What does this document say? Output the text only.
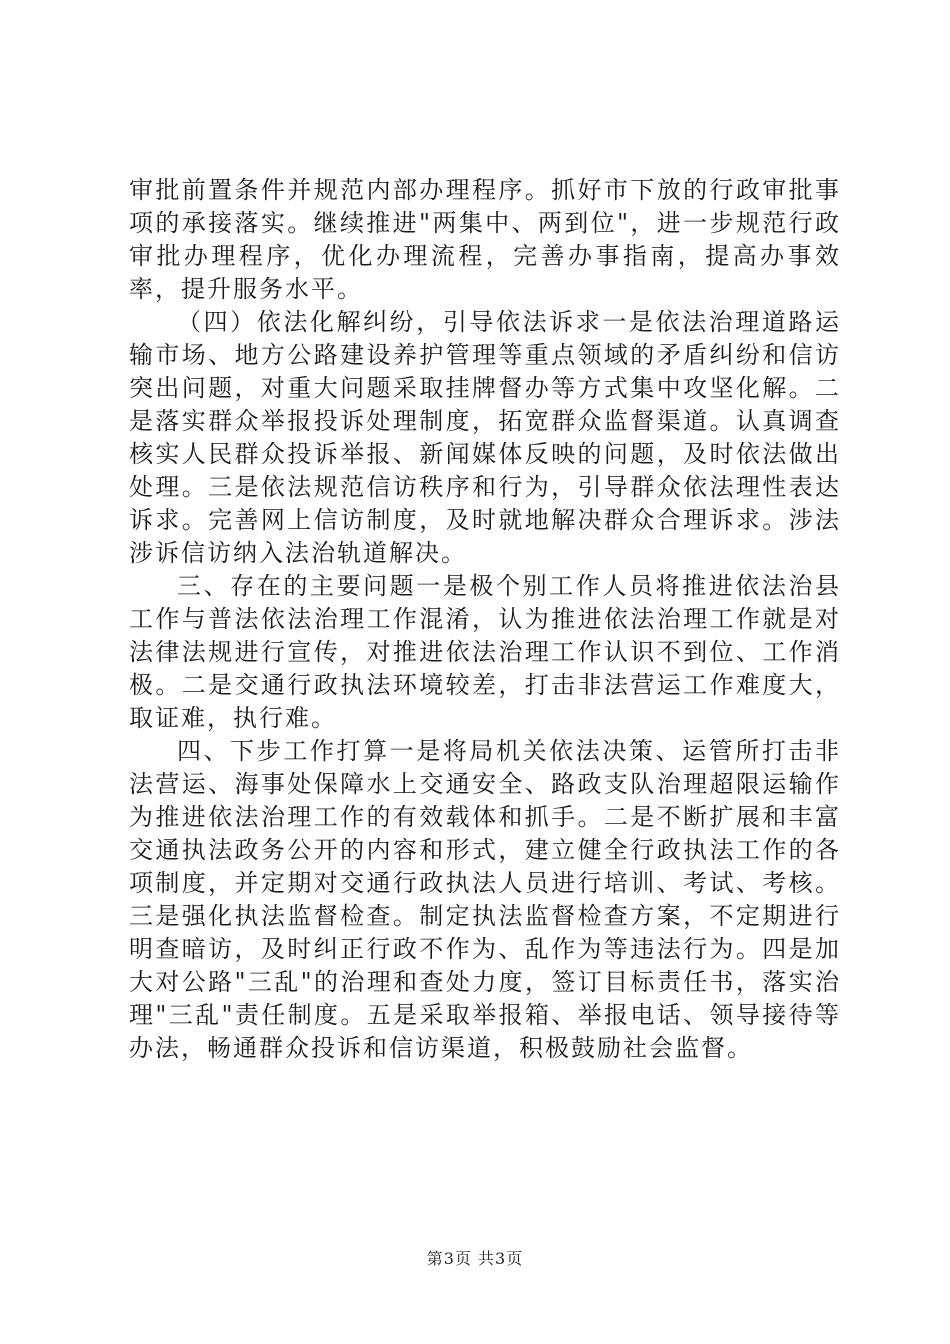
审批前置条件并规范内部办理程序。抓好市下放的行政审批事项的承接落实。继续推进"两集中、两到位"，进一步规范行政审批办理程序，优化办理流程，完善办事指南，提高办事效率，提升服务水平。

（四）依法化解纠纷，引导依法诉求一是依法治理道路运输市场、地方公路建设养护管理等重点领域的矛盾纠纷和信访突出问题，对重大问题采取挂牌督办等方式集中攻坚化解。二是落实群众举报投诉处理制度，拓宽群众监督渠道。认真调查核实人民群众投诉举报、新闻媒体反映的问题，及时依法做出处理。三是依法规范信访秩序和行为，引导群众依法理性表达诉求。完善网上信访制度，及时就地解决群众合理诉求。涉法涉诉信访纳入法治轨道解决。

三、存在的主要问题一是极个别工作人员将推进依法治县工作与普法依法治理工作混淆，认为推进依法治理工作就是对法律法规进行宣传，对推进依法治理工作认识不到位、工作消极。二是交通行政执法环境较差，打击非法营运工作难度大，取证难，执行难。

四、下步工作打算一是将局机关依法决策、运管所打击非法营运、海事处保障水上交通安全、路政支队治理超限运输作为推进依法治理工作的有效载体和抓手。二是不断扩展和丰富交通执法政务公开的内容和形式，建立健全行政执法工作的各项制度，并定期对交通行政执法人员进行培训、考试、考核。三是强化执法监督检查。制定执法监督检查方案，不定期进行明查暗访，及时纠正行政不作为、乱作为等违法行为。四是加大对公路"三乱"的治理和查处力度，签订目标责任书，落实治理"三乱"责任制度。五是采取举报箱、举报电话、领导接待等办法，畅通群众投诉和信访渠道，积极鼓励社会监督。

第3页 共3页
